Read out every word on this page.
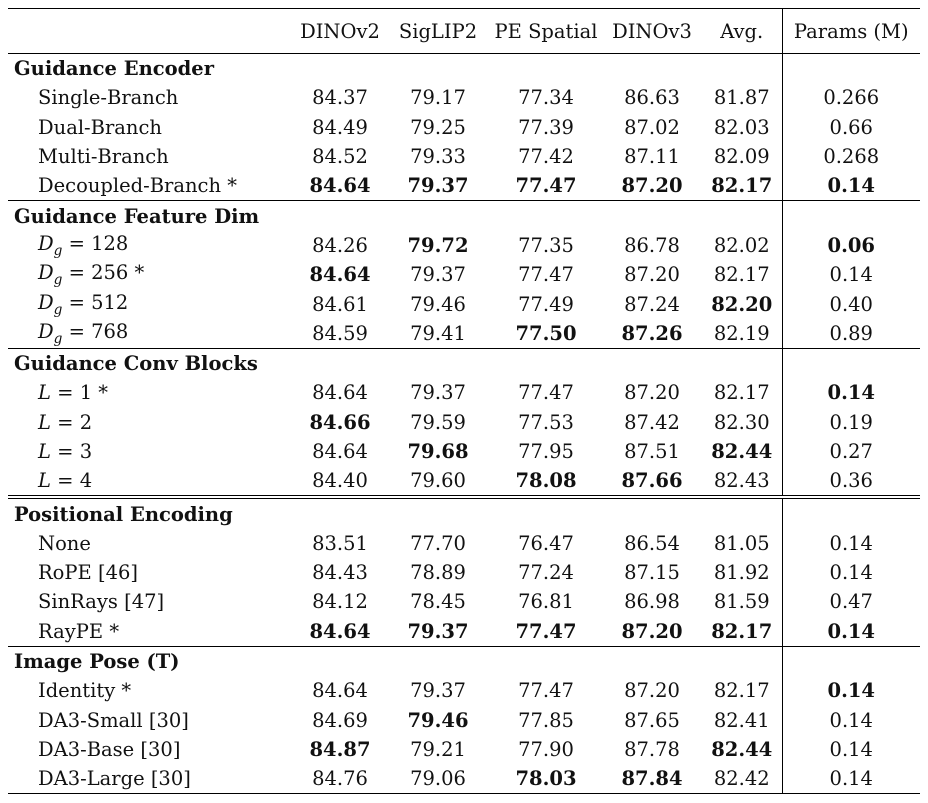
	DINOv2	SigLIP2	PE Spatial	DINOv3	Avg.	Params (M)
Guidance Encoder						
Single-Branch	84.37	79.17	77.34	86.63	81.87	0.266
Dual-Branch	84.49	79.25	77.39	87.02	82.03	0.66
Multi-Branch	84.52	79.33	77.42	87.11	82.09	0.268
Decoupled-Branch *	84.64	79.37	77.47	87.20	82.17	0.14
Guidance Feature Dim						
$D_g = 128$	84.26	79.72	77.35	86.78	82.02	0.06
$D_g = 256$ *	84.64	79.37	77.47	87.20	82.17	0.14
$D_g = 512$	84.61	79.46	77.49	87.24	82.20	0.40
$D_g = 768$	84.59	79.41	77.50	87.26	82.19	0.89
Guidance Conv Blocks						
L = 1 *	84.64	79.37	77.47	87.20	82.17	0.14
L = 2	84.66	79.59	77.53	87.42	82.30	0.19
L = 3	84.64	79.68	77.95	87.51	82.44	0.27
L = 4	84.40	79.60	78.08	87.66	82.43	0.36
Positional Encoding						
None	83.51	77.70	76.47	86.54	81.05	0.14
RoPE [46]	84.43	78.89	77.24	87.15	81.92	0.14
SinRays [47]	84.12	78.45	76.81	86.98	81.59	0.47
RayPE *	84.64	79.37	77.47	87.20	82.17	0.14
Image Pose (T)						
Identity *	84.64	79.37	77.47	87.20	82.17	0.14
DA3-Small [30]	84.69	79.46	77.85	87.65	82.41	0.14
DA3-Base [30]	84.87	79.21	77.90	87.78	82.44	0.14
DA3-Large [30]	84.76	79.06	78.03	87.84	82.42	0.14
